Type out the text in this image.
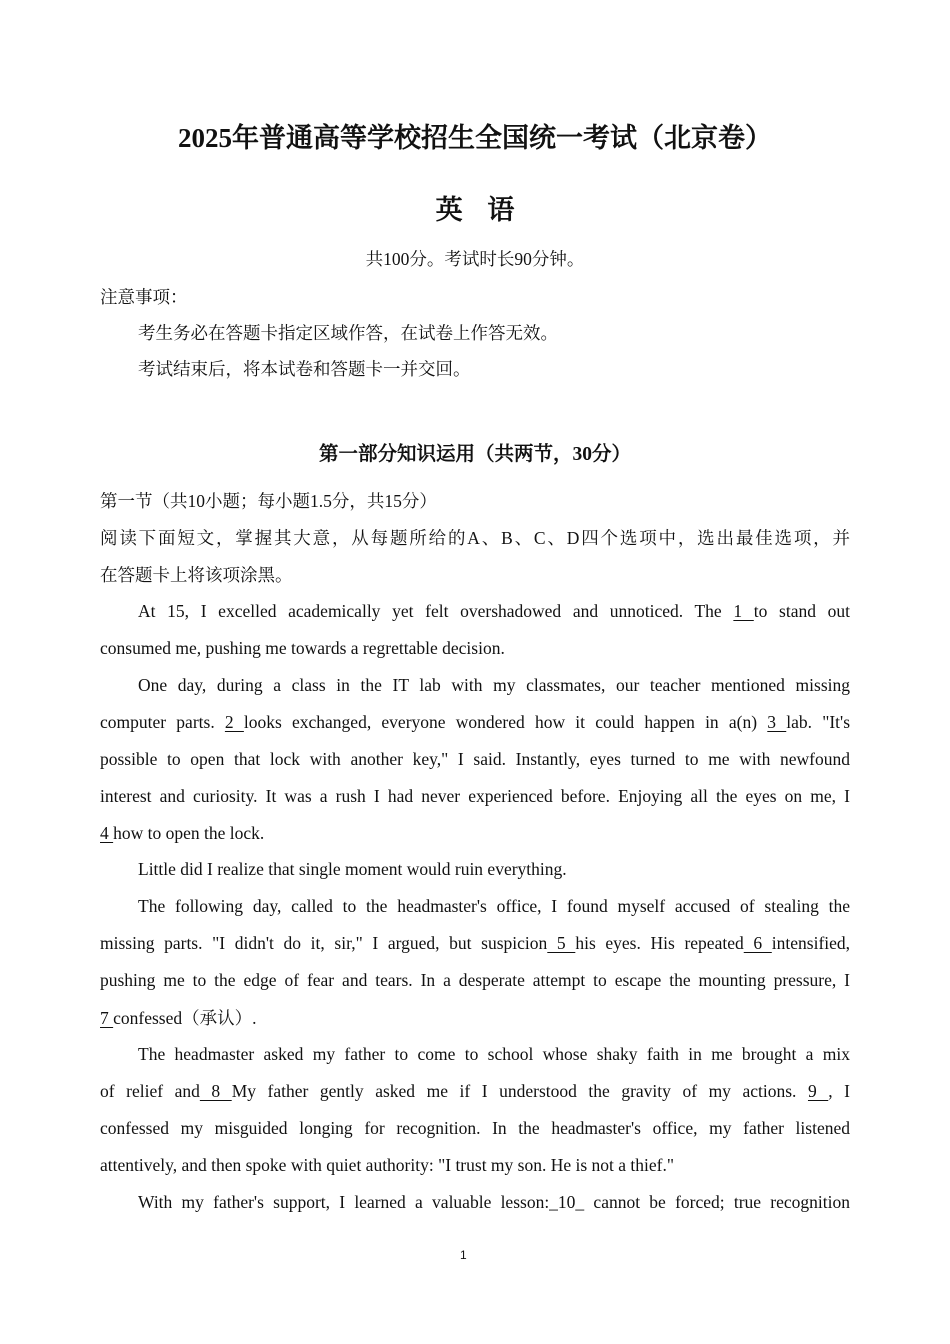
2025年普通高等学校招生全国统一考试（北京卷）
英 语
共100分。考试时长90分钟。
注意事项：
考生务必在答题卡指定区域作答，在试卷上作答无效。
考试结束后，将本试卷和答题卡一并交回。
第一部分知识运用（共两节，30分）
第一节（共10小题；每小题1.5分，共15分）
阅读下面短文，掌握其大意，从每题所给的A、B、C、D四个选项中，选出最佳选项，并
在答题卡上将该项涂黑。
At 15, I excelled academically yet felt overshadowed and unnoticed. The 1 to stand out
consumed me, pushing me towards a regrettable decision.
One day, during a class in the IT lab with my classmates, our teacher mentioned missing
computer parts. 2 looks exchanged, everyone wondered how it could happen in a(n) 3 lab. "It's
possible to open that lock with another key," I said. Instantly, eyes turned to me with newfound
interest and curiosity. It was a rush I had never experienced before. Enjoying all the eyes on me, I
4 how to open the lock.
Little did I realize that single moment would ruin everything.
The following day, called to the headmaster's office, I found myself accused of stealing the
missing parts. "I didn't do it, sir," I argued, but suspicion 5 his eyes. His repeated 6 intensified,
pushing me to the edge of fear and tears. In a desperate attempt to escape the mounting pressure, I
7 confessed（承认）.
The headmaster asked my father to come to school whose shaky faith in me brought a mix
of relief and 8 My father gently asked me if I understood the gravity of my actions. 9 , I
confessed my misguided longing for recognition. In the headmaster's office, my father listened
attentively, and then spoke with quiet authority: "I trust my son. He is not a thief."
With my father's support, I learned a valuable lesson:_10_ cannot be forced; true recognition
1
